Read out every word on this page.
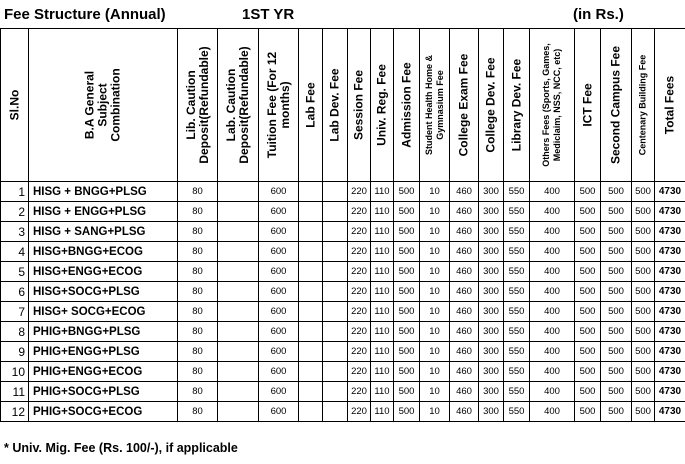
Fee Structure (Annual)	1ST YR	(in Rs.)
Sl.No	B.A General Subject Combination	Lib. Caution Deposit(Refundable)	Lab. Caution Deposit(Refundable)	Tuition Fee (For 12 months)	Lab Fee	Lab Dev. Fee	Session Fee	Univ. Reg. Fee	Admission Fee	Student Health Home & Gymnasium Fee	College Exam Fee	College Dev. Fee	Library Dev. Fee	Others Fees (Sports, Games, Mediclaim, NSS, NCC, etc)	ICT Fee	Second Campus Fee	Centenary Building Fee	Total Fees

1	HISG + BNGG+PLSG	80		600			220	110	500	10	460	300	550	400	500	500	500	4730
2	HISG + ENGG+PLSG	80		600			220	110	500	10	460	300	550	400	500	500	500	4730
3	HISG + SANG+PLSG	80		600			220	110	500	10	460	300	550	400	500	500	500	4730
4	HISG+BNGG+ECOG	80		600			220	110	500	10	460	300	550	400	500	500	500	4730
5	HISG+ENGG+ECOG	80		600			220	110	500	10	460	300	550	400	500	500	500	4730
6	HISG+SOCG+PLSG	80		600			220	110	500	10	460	300	550	400	500	500	500	4730
7	HISG+ SOCG+ECOG	80		600			220	110	500	10	460	300	550	400	500	500	500	4730
8	PHIG+BNGG+PLSG	80		600			220	110	500	10	460	300	550	400	500	500	500	4730
9	PHIG+ENGG+PLSG	80		600			220	110	500	10	460	300	550	400	500	500	500	4730
10	PHIG+ENGG+ECOG	80		600			220	110	500	10	460	300	550	400	500	500	500	4730
11	PHIG+SOCG+PLSG	80		600			220	110	500	10	460	300	550	400	500	500	500	4730
12	PHIG+SOCG+ECOG	80		600			220	110	500	10	460	300	550	400	500	500	500	4730
* Univ. Mig. Fee (Rs. 100/-), if applicable
